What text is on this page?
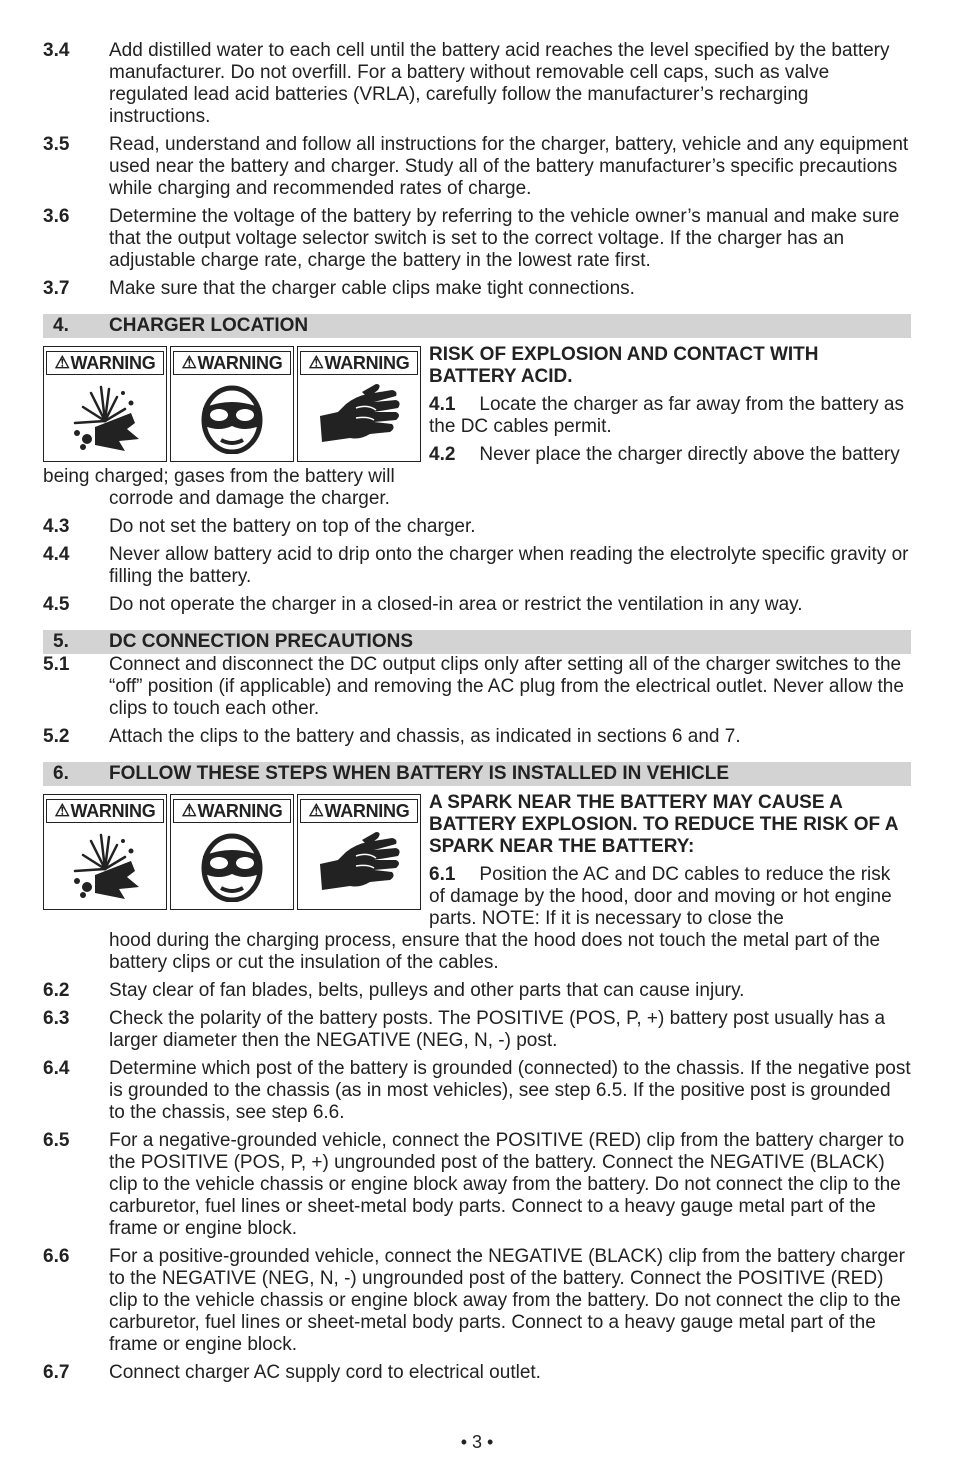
3.4	Add distilled water to each cell until the battery acid reaches the level specified by the battery manufacturer. Do not overfill. For a battery without removable cell caps, such as valve regulated lead acid batteries (VRLA), carefully follow the manufacturer’s recharging instructions.
3.5	Read, understand and follow all instructions for the charger, battery, vehicle and any equipment used near the battery and charger. Study all of the battery manufacturer’s specific precautions while charging and recommended rates of charge.
3.6	Determine the voltage of the battery by referring to the vehicle owner’s manual and make sure that the output voltage selector switch is set to the correct voltage. If the charger has an adjustable charge rate, charge the battery in the lowest rate first.
3.7	Make sure that the charger cable clips make tight connections.
4.	CHARGER LOCATION
⚠ WARNING ⚠ WARNING ⚠ WARNING	RISK OF EXPLOSION AND CONTACT WITH BATTERY ACID.
4.1 Locate the charger as far away from the battery as the DC cables permit.
4.2 Never place the charger directly above the battery being charged; gases from the battery will
corrode and damage the charger.
4.3	Do not set the battery on top of the charger.
4.4	Never allow battery acid to drip onto the charger when reading the electrolyte specific gravity or filling the battery.
4.5	Do not operate the charger in a closed-in area or restrict the ventilation in any way.
5.	DC CONNECTION PRECAUTIONS
5.1	Connect and disconnect the DC output clips only after setting all of the charger switches to the “off” position (if applicable) and removing the AC plug from the electrical outlet. Never allow the clips to touch each other.
5.2	Attach the clips to the battery and chassis, as indicated in sections 6 and 7.
6.	FOLLOW THESE STEPS WHEN BATTERY IS INSTALLED IN VEHICLE
⚠ WARNING ⚠ WARNING ⚠ WARNING	A SPARK NEAR THE BATTERY MAY CAUSE A BATTERY EXPLOSION. TO REDUCE THE RISK OF A SPARK NEAR THE BATTERY:
6.1 Position the AC and DC cables to reduce the risk of damage by the hood, door and moving or hot engine parts. NOTE: If it is necessary to close the
hood during the charging process, ensure that the hood does not touch the metal part of the battery clips or cut the insulation of the cables.
6.2	Stay clear of fan blades, belts, pulleys and other parts that can cause injury.
6.3	Check the polarity of the battery posts. The POSITIVE (POS, P, +) battery post usually has a larger diameter then the NEGATIVE (NEG, N, -) post.
6.4	Determine which post of the battery is grounded (connected) to the chassis. If the negative post is grounded to the chassis (as in most vehicles), see step 6.5. If the positive post is grounded to the chassis, see step 6.6.
6.5	For a negative-grounded vehicle, connect the POSITIVE (RED) clip from the battery charger to the POSITIVE (POS, P, +) ungrounded post of the battery. Connect the NEGATIVE (BLACK) clip to the vehicle chassis or engine block away from the battery. Do not connect the clip to the carburetor, fuel lines or sheet-metal body parts. Connect to a heavy gauge metal part of the frame or engine block.
6.6	For a positive-grounded vehicle, connect the NEGATIVE (BLACK) clip from the battery charger to the NEGATIVE (NEG, N, -) ungrounded post of the battery. Connect the POSITIVE (RED) clip to the vehicle chassis or engine block away from the battery. Do not connect the clip to the carburetor, fuel lines or sheet-metal body parts. Connect to a heavy gauge metal part of the frame or engine block.
6.7	Connect charger AC supply cord to electrical outlet.
• 3 •
